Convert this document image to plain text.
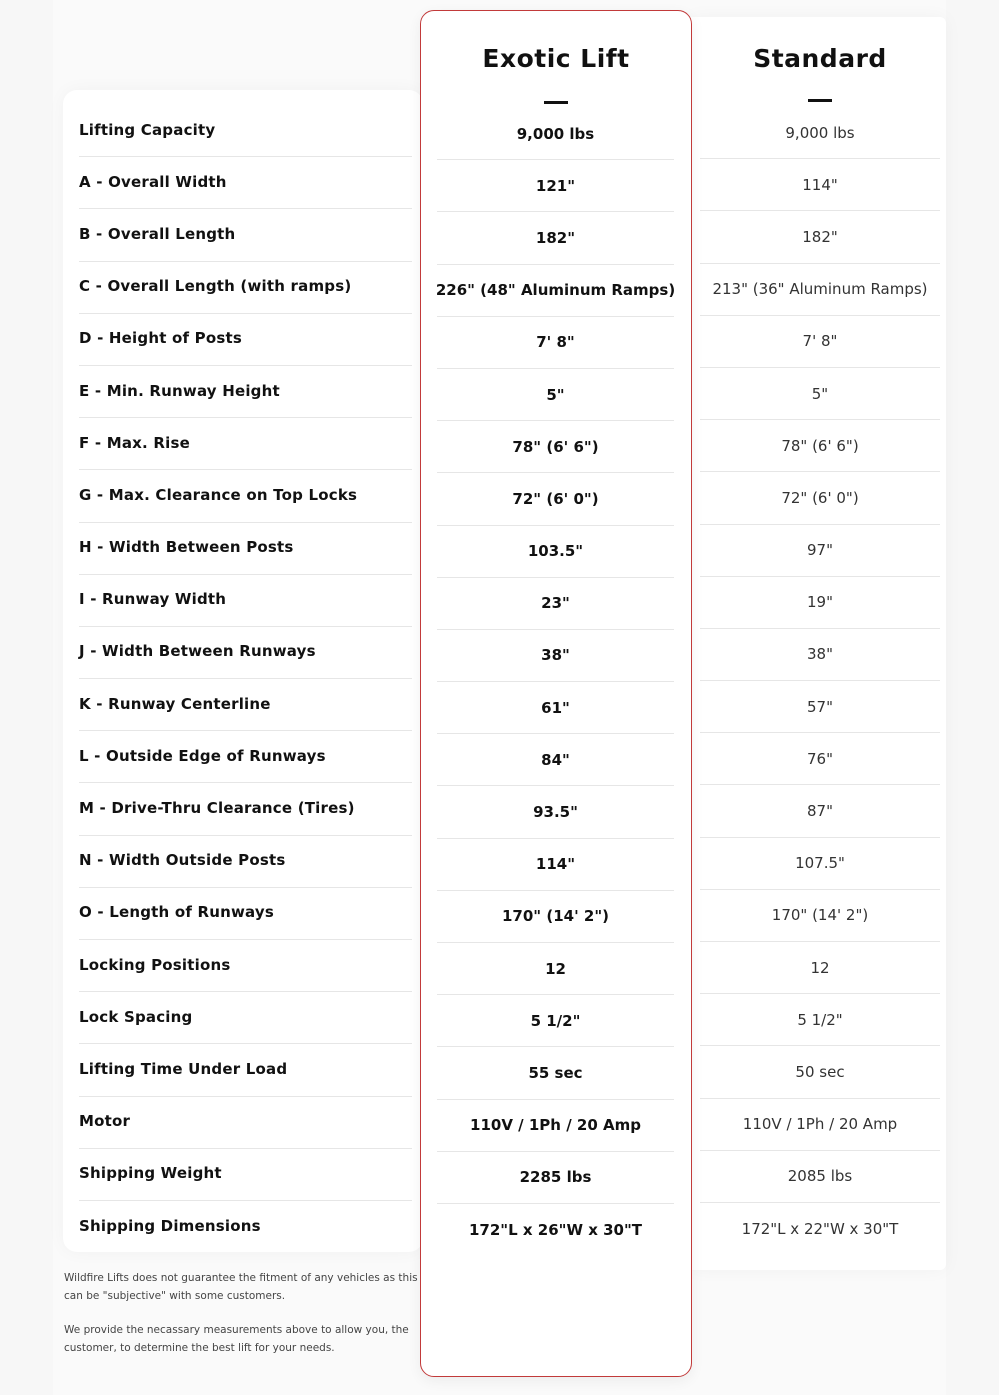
Lifting Capacity
A - Overall Width
B - Overall Length
C - Overall Length (with ramps)
D - Height of Posts
E - Min. Runway Height
F - Max. Rise
G - Max. Clearance on Top Locks
H - Width Between Posts
I - Runway Width
J - Width Between Runways
K - Runway Centerline
L - Outside Edge of Runways
M - Drive-Thru Clearance (Tires)
N - Width Outside Posts
O - Length of Runways
Locking Positions
Lock Spacing
Lifting Time Under Load
Motor
Shipping Weight
Shipping Dimensions
Standard
9,000 lbs
114"
182"
213" (36" Aluminum Ramps)
7' 8"
5"
78" (6' 6")
72" (6' 0")
97"
19"
38"
57"
76"
87"
107.5"
170" (14' 2")
12
5 1/2"
50 sec
110V / 1Ph / 20 Amp
2085 lbs
172"L x 22"W x 30"T
Exotic Lift
9,000 lbs
121"
182"
226" (48" Aluminum Ramps)
7' 8"
5"
78" (6' 6")
72" (6' 0")
103.5"
23"
38"
61"
84"
93.5"
114"
170" (14' 2")
12
5 1/2"
55 sec
110V / 1Ph / 20 Amp
2285 lbs
172"L x 26"W x 30"T

Wildfire Lifts does not guarantee the fitment of any vehicles as this can be "subjective" with some customers.

We provide the necassary measurements above to allow you, the customer, to determine the best lift for your needs.
